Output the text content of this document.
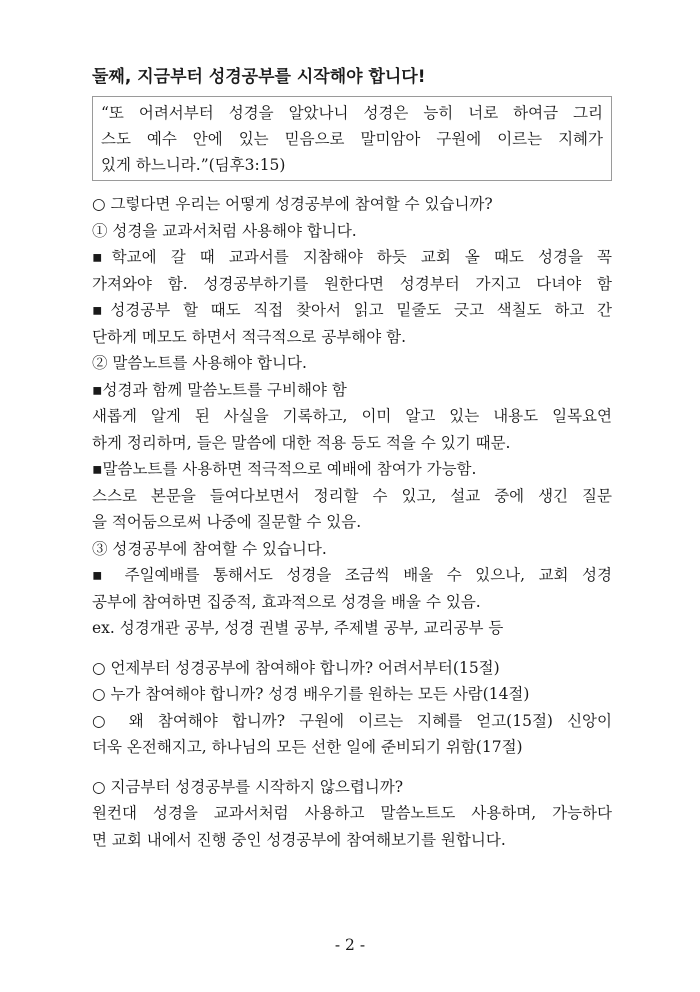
둘째, 지금부터 성경공부를 시작해야 합니다!
“또 어려서부터 성경을 알았나니 성경은 능히 너로 하여금 그리
스도 예수 안에 있는 믿음으로 말미암아 구원에 이르는 지혜가
있게 하느니라.”(딤후3:15)
○ 그렇다면 우리는 어떻게 성경공부에 참여할 수 있습니까?
① 성경을 교과서처럼 사용해야 합니다.
▪학교에 갈 때 교과서를 지참해야 하듯 교회 올 때도 성경을 꼭
가져와야 함. 성경공부하기를 원한다면 성경부터 가지고 다녀야 함
▪성경공부 할 때도 직접 찾아서 읽고 밑줄도 긋고 색칠도 하고 간
단하게 메모도 하면서 적극적으로 공부해야 함.
② 말씀노트를 사용해야 합니다.
▪성경과 함께 말씀노트를 구비해야 함
새롭게 알게 된 사실을 기록하고, 이미 알고 있는 내용도 일목요연
하게 정리하며, 들은 말씀에 대한 적용 등도 적을 수 있기 때문.
▪말씀노트를 사용하면 적극적으로 예배에 참여가 가능함.
스스로 본문을 들여다보면서 정리할 수 있고, 설교 중에 생긴 질문
을 적어둠으로써 나중에 질문할 수 있음.
③ 성경공부에 참여할 수 있습니다.
▪ 주일예배를 통해서도 성경을 조금씩 배울 수 있으나, 교회 성경
공부에 참여하면 집중적, 효과적으로 성경을 배울 수 있음.
ex. 성경개관 공부, 성경 권별 공부, 주제별 공부, 교리공부 등
○ 언제부터 성경공부에 참여해야 합니까? 어려서부터(15절)
○ 누가 참여해야 합니까? 성경 배우기를 원하는 모든 사람(14절)
○ 왜 참여해야 합니까? 구원에 이르는 지혜를 얻고(15절) 신앙이
더욱 온전해지고, 하나님의 모든 선한 일에 준비되기 위함(17절)
○ 지금부터 성경공부를 시작하지 않으렵니까?
원컨대 성경을 교과서처럼 사용하고 말씀노트도 사용하며, 가능하다
면 교회 내에서 진행 중인 성경공부에 참여해보기를 원합니다.
- 2 -
